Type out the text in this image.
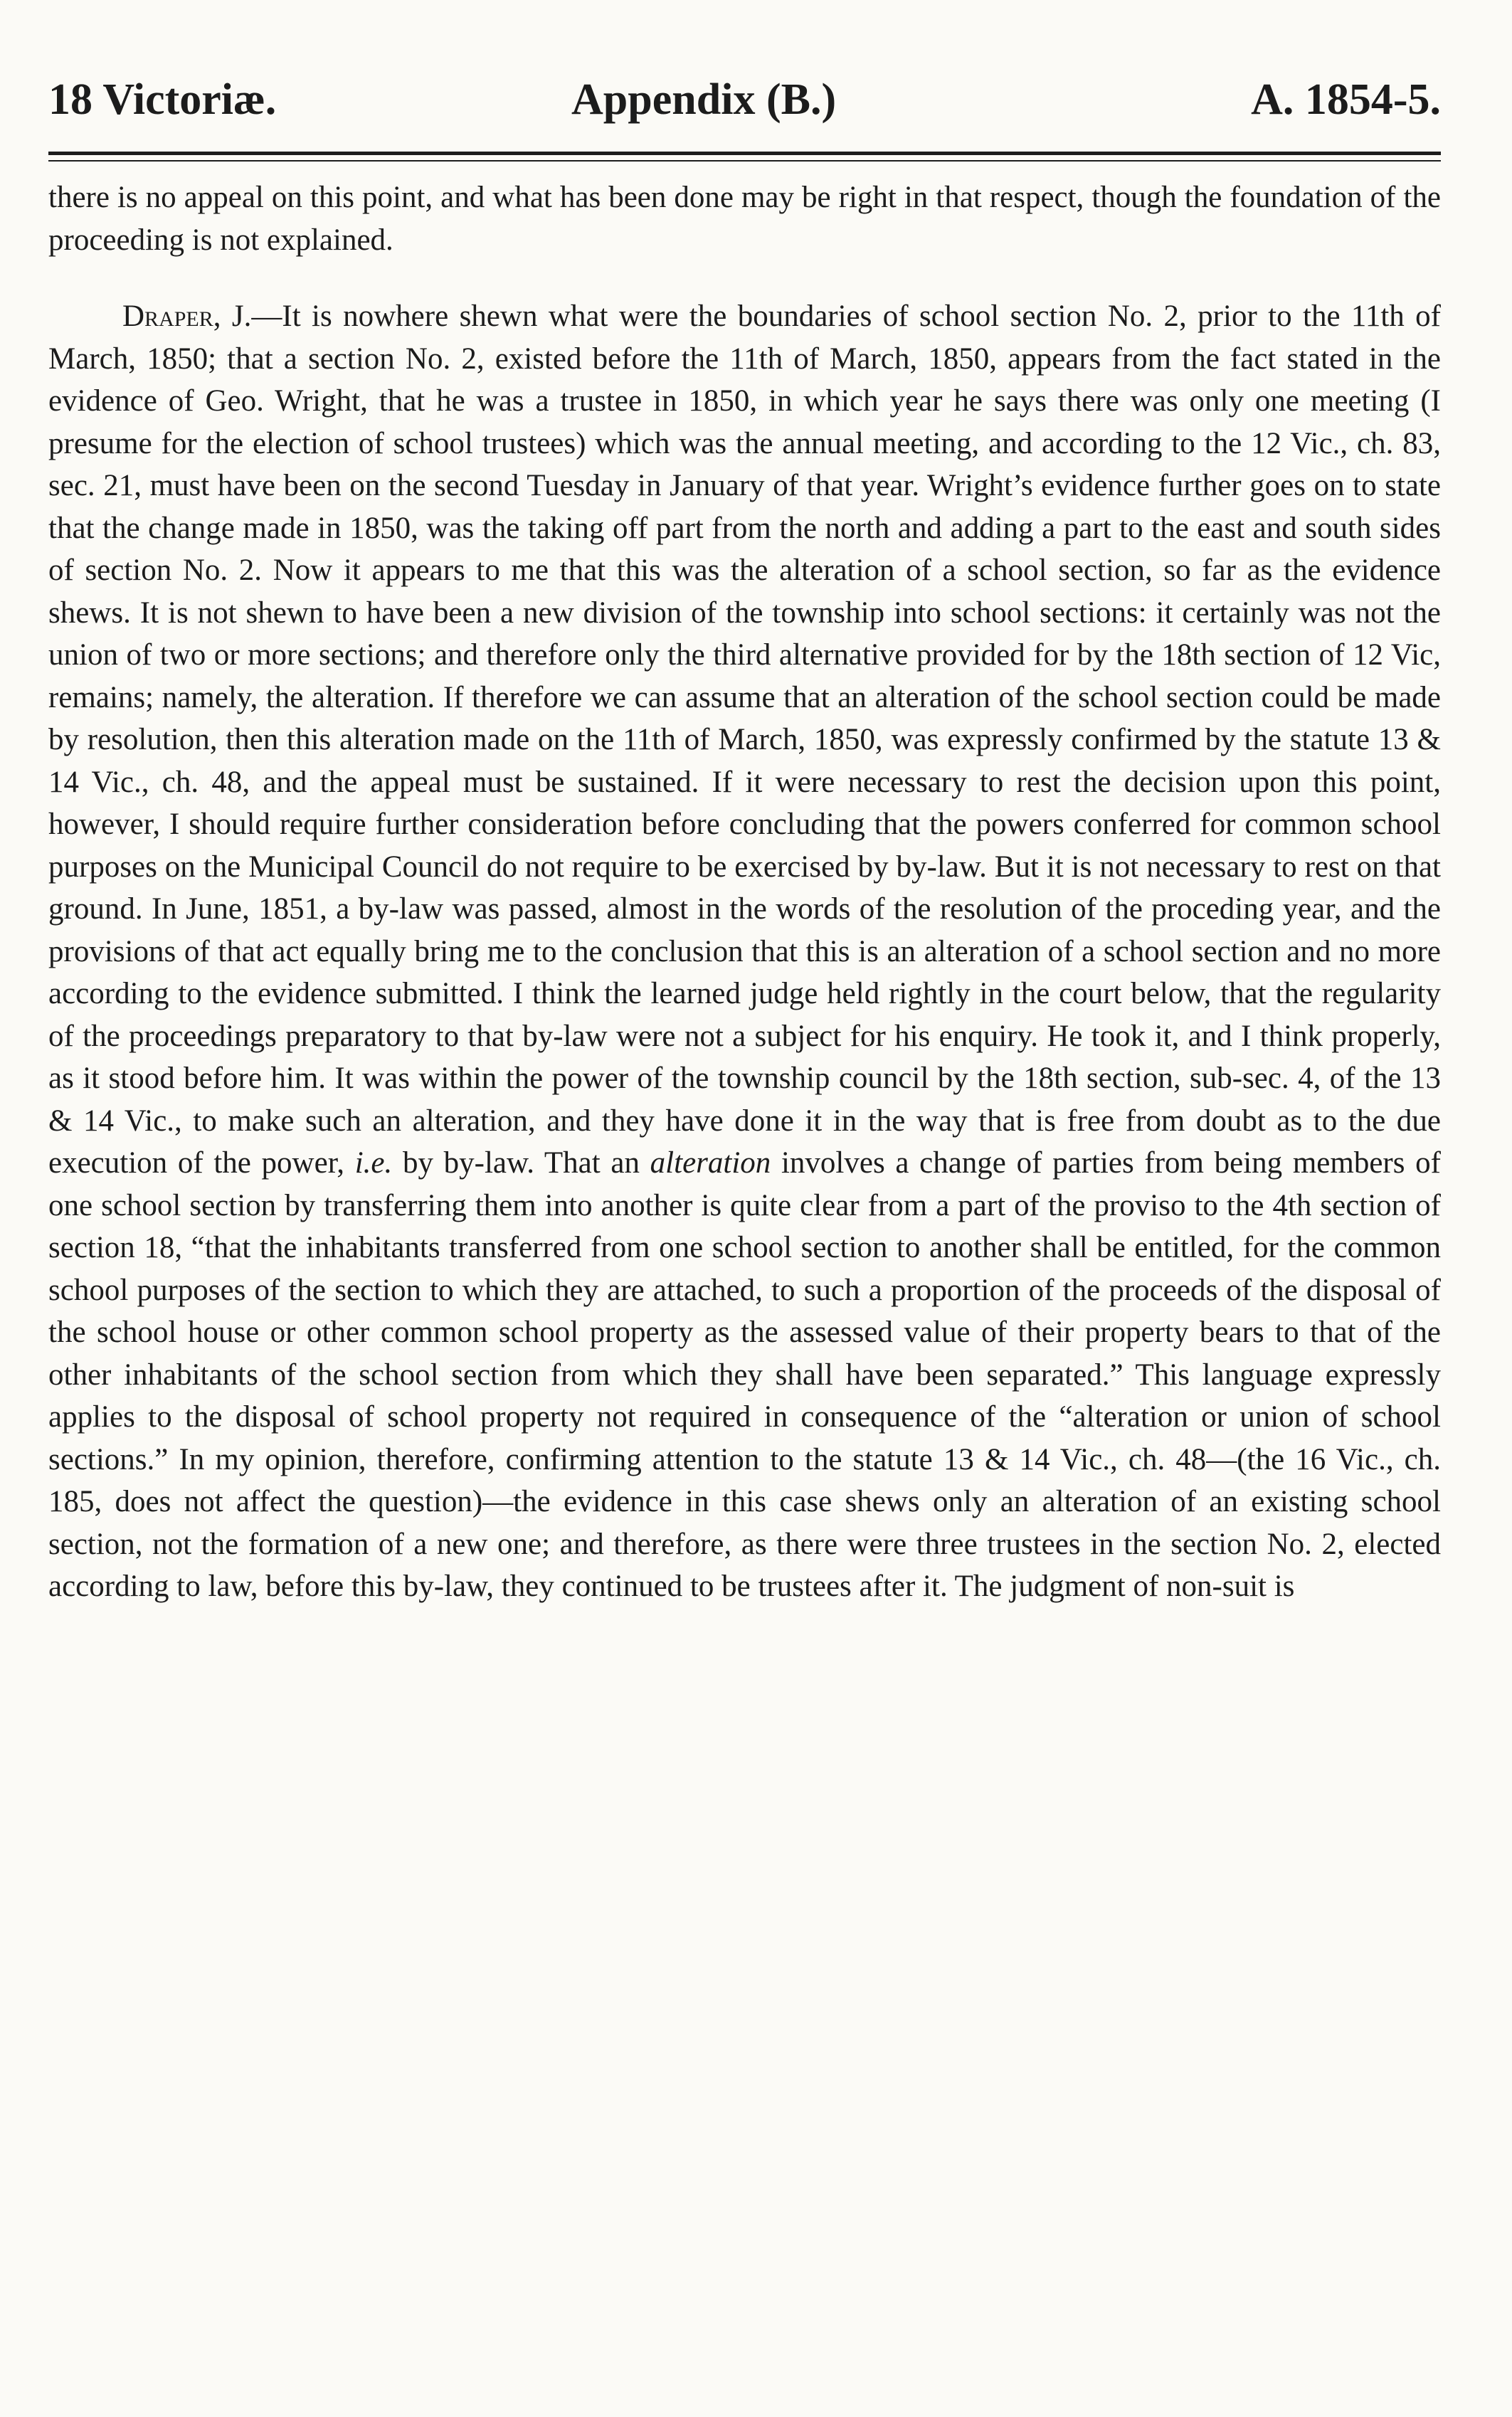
18 Victoriæ.	Appendix (B.)	A. 1854-5.

there is no appeal on this point, and what has been done may be right in that respect, though the foundation of the proceeding is not explained.

Draper, J.—It is nowhere shewn what were the boundaries of school section No. 2, prior to the 11th of March, 1850; that a section No. 2, existed before the 11th of March, 1850, appears from the fact stated in the evidence of Geo. Wright, that he was a trustee in 1850, in which year he says there was only one meeting (I presume for the election of school trustees) which was the annual meeting, and according to the 12 Vic., ch. 83, sec. 21, must have been on the second Tuesday in January of that year. Wright’s evidence further goes on to state that the change made in 1850, was the taking off part from the north and adding a part to the east and south sides of section No. 2. Now it appears to me that this was the alteration of a school section, so far as the evidence shews. It is not shewn to have been a new division of the township into school sections: it certainly was not the union of two or more sections; and therefore only the third alternative provided for by the 18th section of 12 Vic, remains; namely, the alteration. If therefore we can assume that an alteration of the school section could be made by resolution, then this alteration made on the 11th of March, 1850, was expressly confirmed by the statute 13 & 14 Vic., ch. 48, and the appeal must be sustained. If it were necessary to rest the decision upon this point, however, I should require further consideration before concluding that the powers conferred for common school purposes on the Municipal Council do not require to be exercised by by-law. But it is not necessary to rest on that ground. In June, 1851, a by-law was passed, almost in the words of the resolution of the proceding year, and the provisions of that act equally bring me to the conclusion that this is an alteration of a school section and no more according to the evidence submitted. I think the learned judge held rightly in the court below, that the regularity of the proceedings preparatory to that by-law were not a subject for his enquiry. He took it, and I think properly, as it stood before him. It was within the power of the township council by the 18th section, sub-sec. 4, of the 13 & 14 Vic., to make such an alteration, and they have done it in the way that is free from doubt as to the due execution of the power, i.e. by by-law. That an alteration involves a change of parties from being members of one school section by transferring them into another is quite clear from a part of the proviso to the 4th section of section 18, “that the inhabitants transferred from one school section to another shall be entitled, for the common school purposes of the section to which they are attached, to such a proportion of the proceeds of the disposal of the school house or other common school property as the assessed value of their property bears to that of the other inhabitants of the school section from which they shall have been separated.” This language expressly applies to the disposal of school property not required in consequence of the “alteration or union of school sections.” In my opinion, therefore, confirming attention to the statute 13 & 14 Vic., ch. 48—(the 16 Vic., ch. 185, does not affect the question)—the evidence in this case shews only an alteration of an existing school section, not the formation of a new one; and therefore, as there were three trustees in the section No. 2, elected according to law, before this by-law, they continued to be trustees after it. The judgment of non-suit is
